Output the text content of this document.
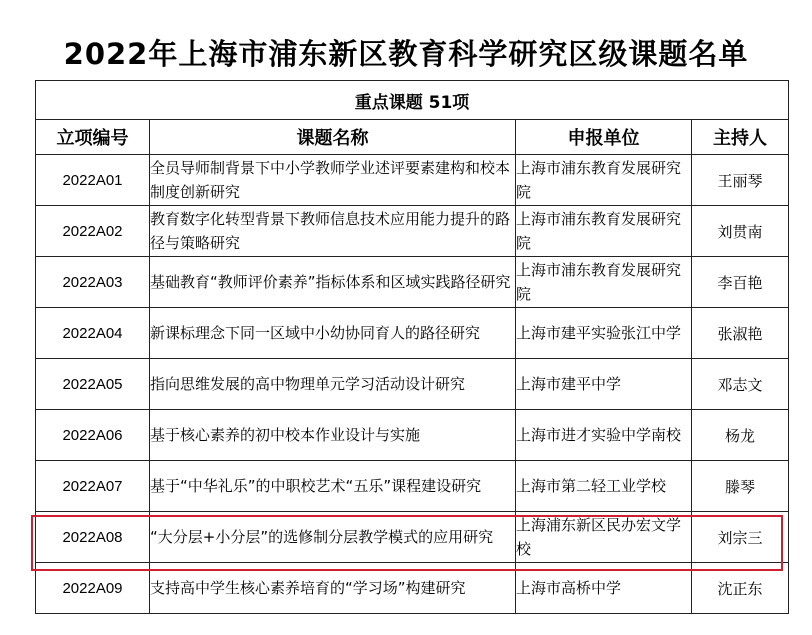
2022年上海市浦东新区教育科学研究区级课题名单
重点课题 51项			
立项编号	课题名称	申报单位	主持人
2022A01	全员导师制背景下中小学教师学业述评要素建构和校本制度创新研究	上海市浦东教育发展研究院	王丽琴
2022A02	教育数字化转型背景下教师信息技术应用能力提升的路径与策略研究	上海市浦东教育发展研究院	刘贯南
2022A03	基础教育“教师评价素养”指标体系和区域实践路径研究	上海市浦东教育发展研究院	李百艳
2022A04	新课标理念下同一区域中小幼协同育人的路径研究	上海市建平实验张江中学	张淑艳
2022A05	指向思维发展的高中物理单元学习活动设计研究	上海市建平中学	邓志文
2022A06	基于核心素养的初中校本作业设计与实施	上海市进才实验中学南校	杨龙
2022A07	基于“中华礼乐”的中职校艺术“五乐”课程建设研究	上海市第二轻工业学校	滕琴
2022A08	“大分层+小分层”的选修制分层教学模式的应用研究	上海浦东新区民办宏文学校	刘宗三
2022A09	支持高中学生核心素养培育的“学习场”构建研究	上海市高桥中学	沈正东
